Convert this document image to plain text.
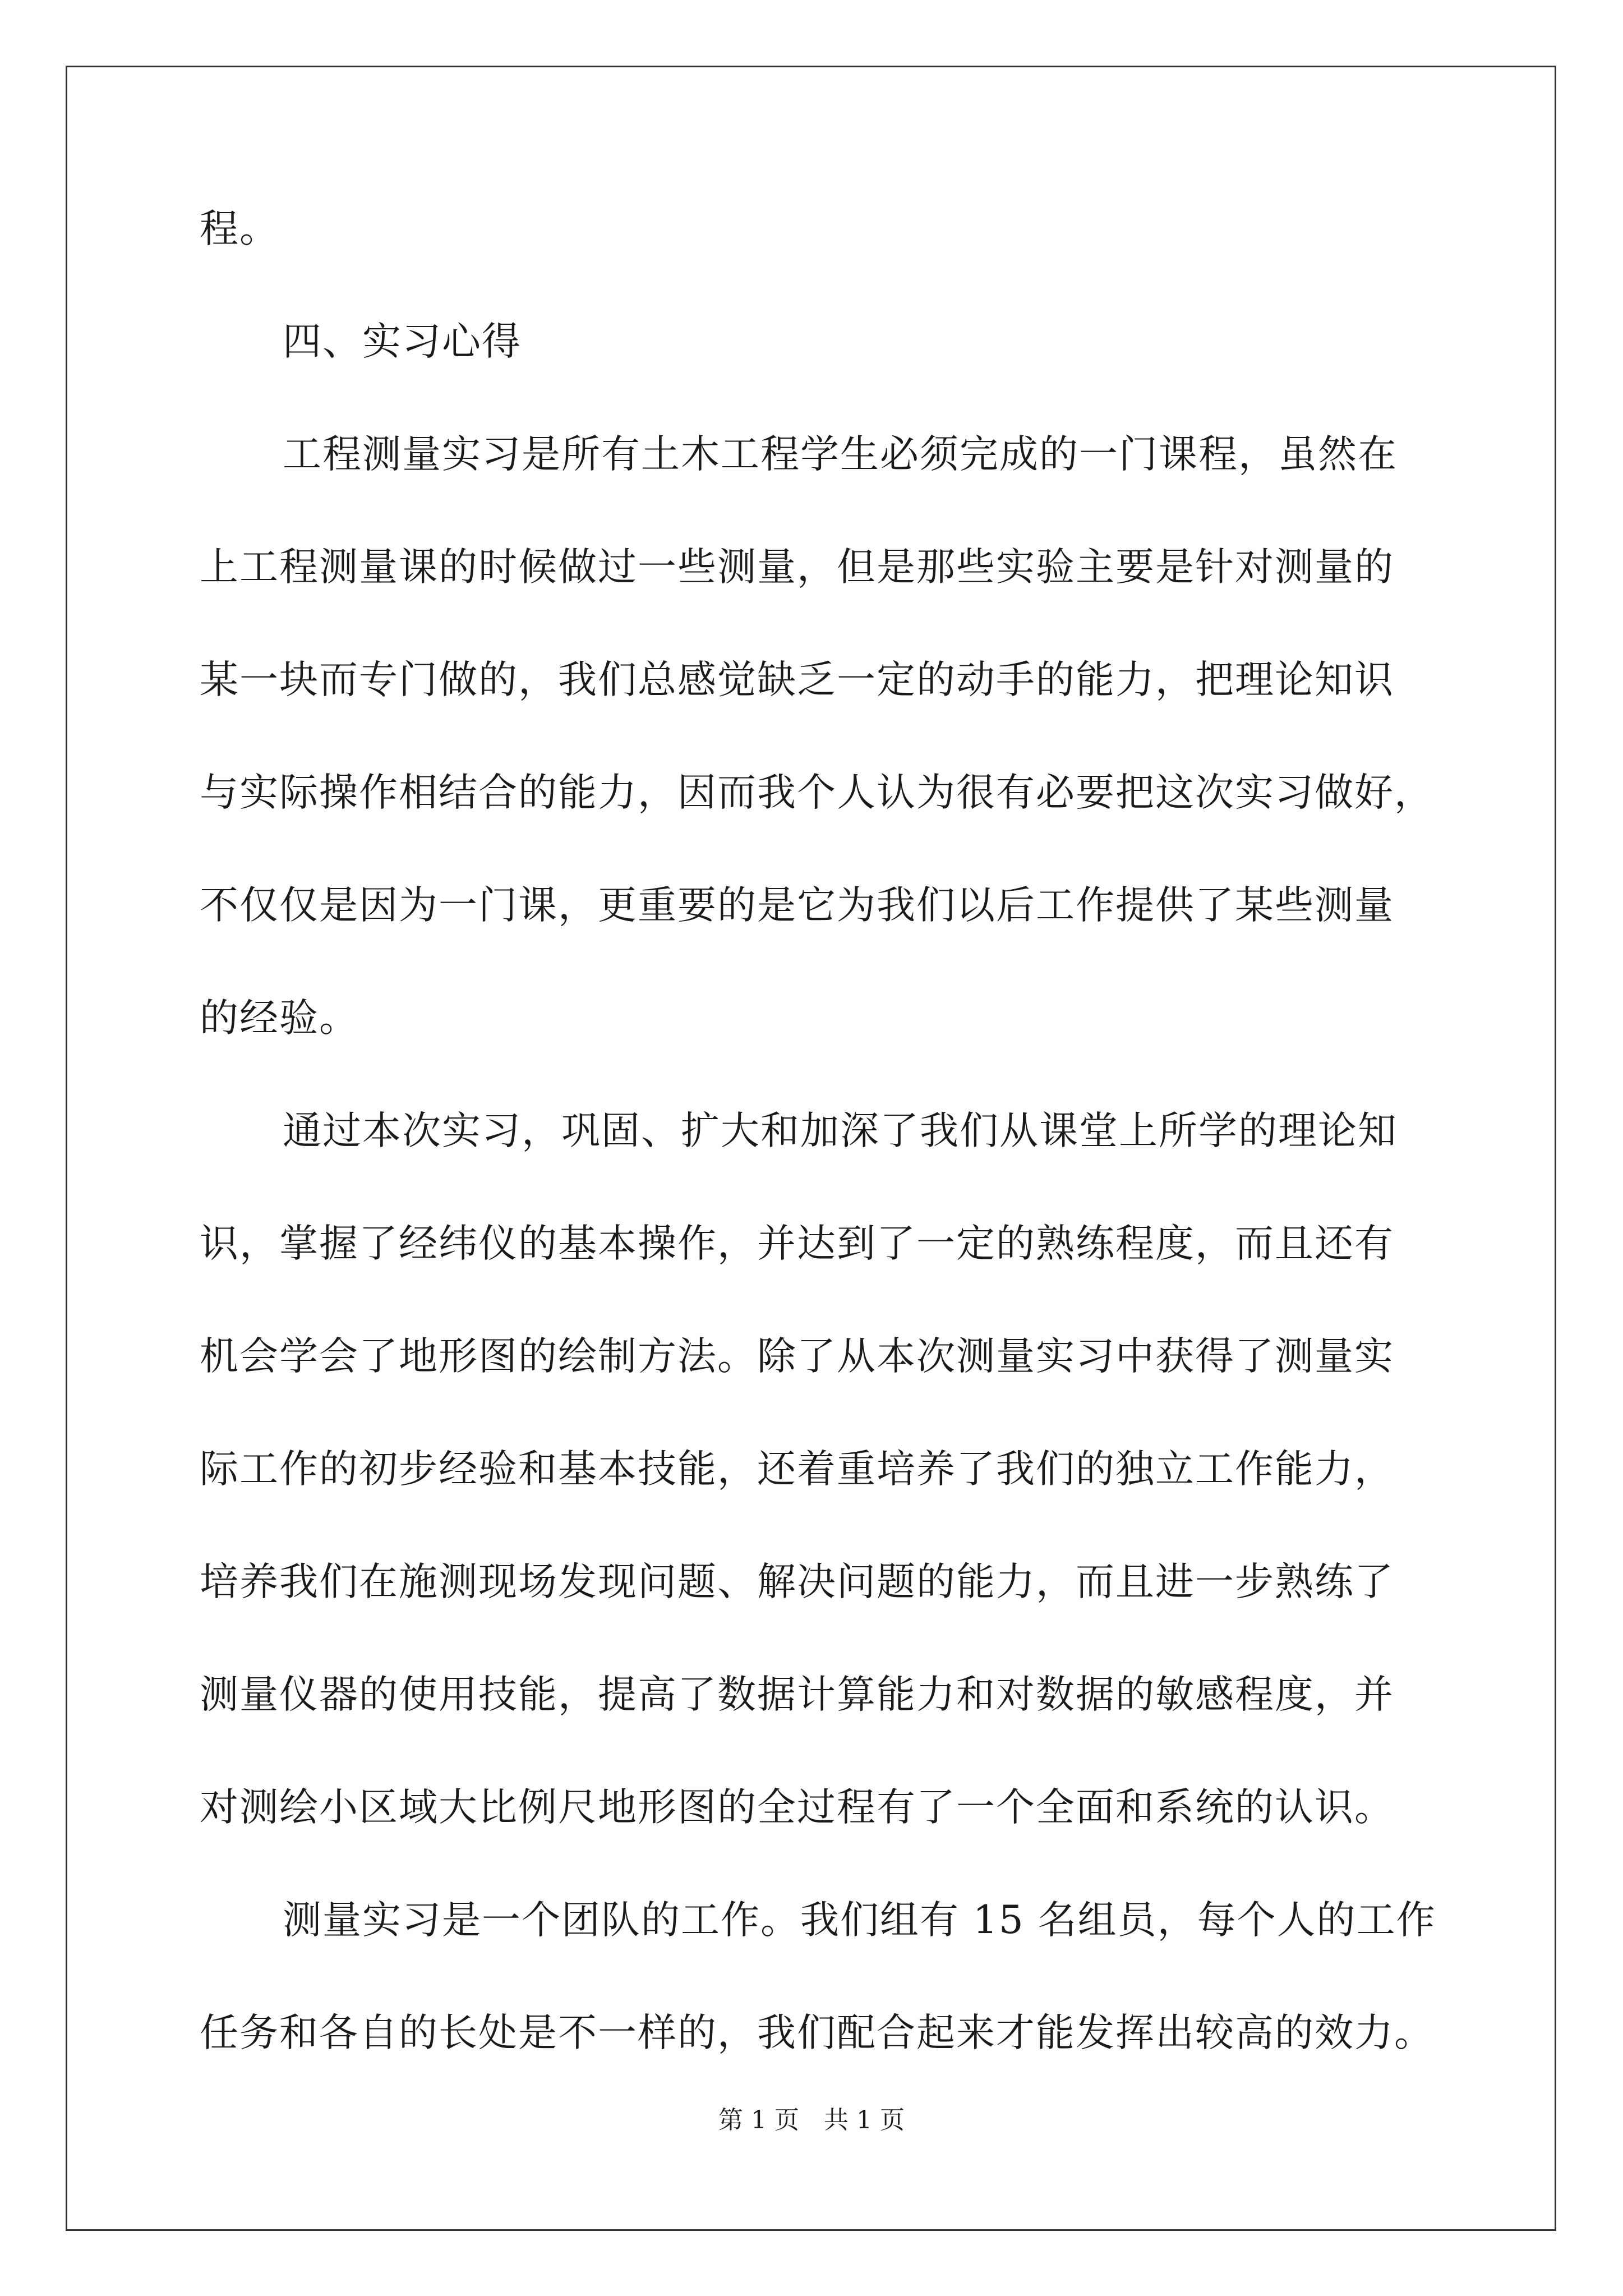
程。
四、实习心得
工程测量实习是所有土木工程学生必须完成的一门课程，虽然在
上工程测量课的时候做过一些测量，但是那些实验主要是针对测量的
某一块而专门做的，我们总感觉缺乏一定的动手的能力，把理论知识
与实际操作相结合的能力，因而我个人认为很有必要把这次实习做好，
不仅仅是因为一门课，更重要的是它为我们以后工作提供了某些测量
的经验。
通过本次实习，巩固、扩大和加深了我们从课堂上所学的理论知
识，掌握了经纬仪的基本操作，并达到了一定的熟练程度，而且还有
机会学会了地形图的绘制方法。除了从本次测量实习中获得了测量实
际工作的初步经验和基本技能，还着重培养了我们的独立工作能力，
培养我们在施测现场发现问题、解决问题的能力，而且进一步熟练了
测量仪器的使用技能，提高了数据计算能力和对数据的敏感程度，并
对测绘小区域大比例尺地形图的全过程有了一个全面和系统的认识。
测量实习是一个团队的工作。我们组有 15 名组员，每个人的工作
任务和各自的长处是不一样的，我们配合起来才能发挥出较高的效力。
第 1 页　共 1 页
